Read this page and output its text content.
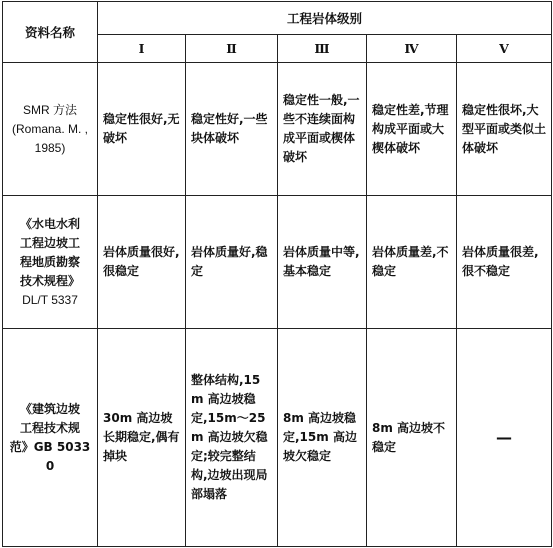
资料名称	工程岩体级别				
	Ⅰ	Ⅱ	Ⅲ	Ⅳ	Ⅴ

SMR 方法
(Romana. M. ,
1985)	稳定性很好,无破坏	稳定性好,一些块体破坏	稳定性一般,一些不连续面构成平面或楔体破坏	稳定性差,节理构成平面或大楔体破坏	稳定性很坏,大型平面或类似土体破坏

《水电水利
工程边坡工
程地质勘察
技术规程》
DL/T 5337	岩体质量很好,很稳定	岩体质量好,稳定	岩体质量中等,基本稳定	岩体质量差,不稳定	岩体质量很差,很不稳定

《建筑边坡
工程技术规
范》GB 50330	30m 高边坡长期稳定,偶有掉块	整体结构,15m 高边坡稳定,15m～25m 高边坡欠稳定;较完整结构,边坡出现局部塌落	8m 高边坡稳定,15m 高边坡欠稳定	8m 高边坡不稳定	—
